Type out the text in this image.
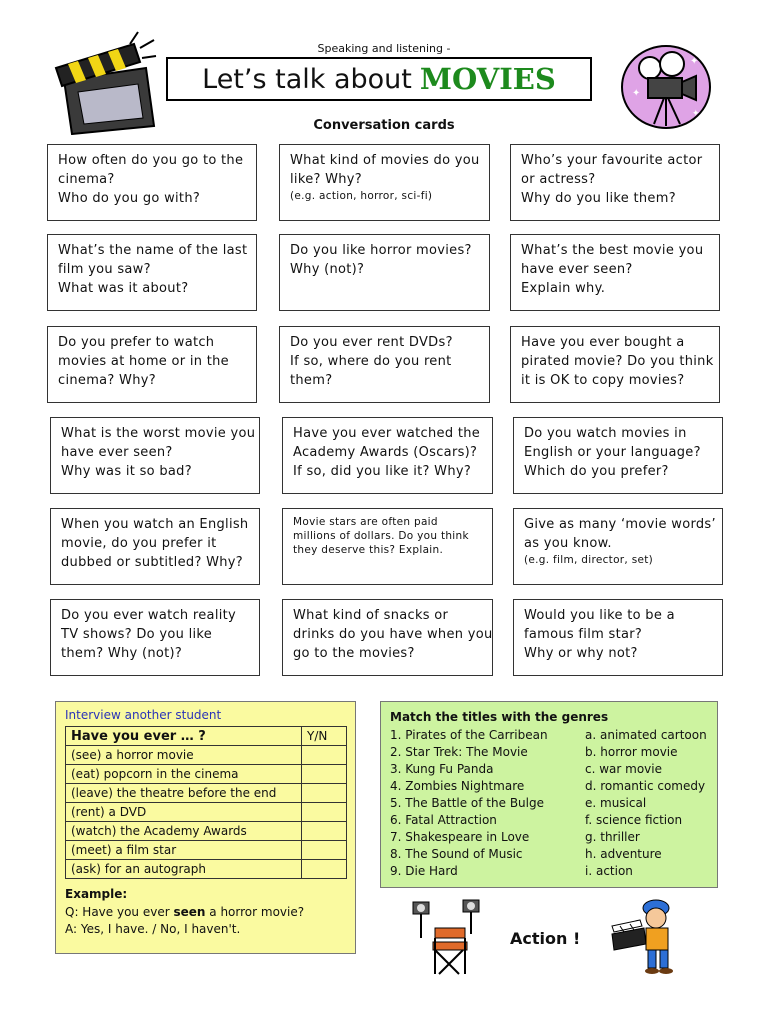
Speaking and listening -
Let’s talk about MOVIES	✦
✦
✦
Conversation cards
How often do you go to the
cinema?
Who do you go with?
What kind of movies do you
like? Why?
(e.g. action, horror, sci-fi)
Who’s your favourite actor
or actress?
Why do you like them?
What’s the name of the last
film you saw?
What was it about?
Do you like horror movies?
Why (not)?
What’s the best movie you
have ever seen?
Explain why.
Do you prefer to watch
movies at home or in the
cinema? Why?
Do you ever rent DVDs?
If so, where do you rent
them?
Have you ever bought a
pirated movie? Do you think
it is OK to copy movies?
What is the worst movie you
have ever seen?
Why was it so bad?
Have you ever watched the
Academy Awards (Oscars)?
If so, did you like it? Why?
Do you watch movies in
English or your language?
Which do you prefer?
When you watch an English
movie, do you prefer it
dubbed or subtitled? Why?
Movie stars are often paid
millions of dollars. Do you think
they deserve this? Explain.
Give as many ‘movie words’
as you know.
(e.g. film, director, set)
Do you ever watch reality
TV shows? Do you like
them? Why (not)?
What kind of snacks or
drinks do you have when you
go to the movies?
Would you like to be a
famous film star?
Why or why not?
Interview another student
Have you ever … ?	Y/N
(see) a horror movie	
(eat) popcorn in the cinema	
(leave) the theatre before the end	
(rent) a DVD	
(watch) the Academy Awards	
(meet) a film star	
(ask) for an autograph	
Example:
Q: Have you ever seen a horror movie?
A: Yes, I have. / No, I haven't.
Match the titles with the genres
1. Pirates of the Carribean
2. Star Trek: The Movie
3. Kung Fu Panda
4. Zombies Nightmare
5. The Battle of the Bulge
6. Fatal Attraction
7. Shakespeare in Love
8. The Sound of Music
9. Die Hard
a. animated cartoon
b. horror movie
c. war movie
d. romantic comedy
e. musical
f. science fiction
g. thriller
h. adventure
i. action
Action !
